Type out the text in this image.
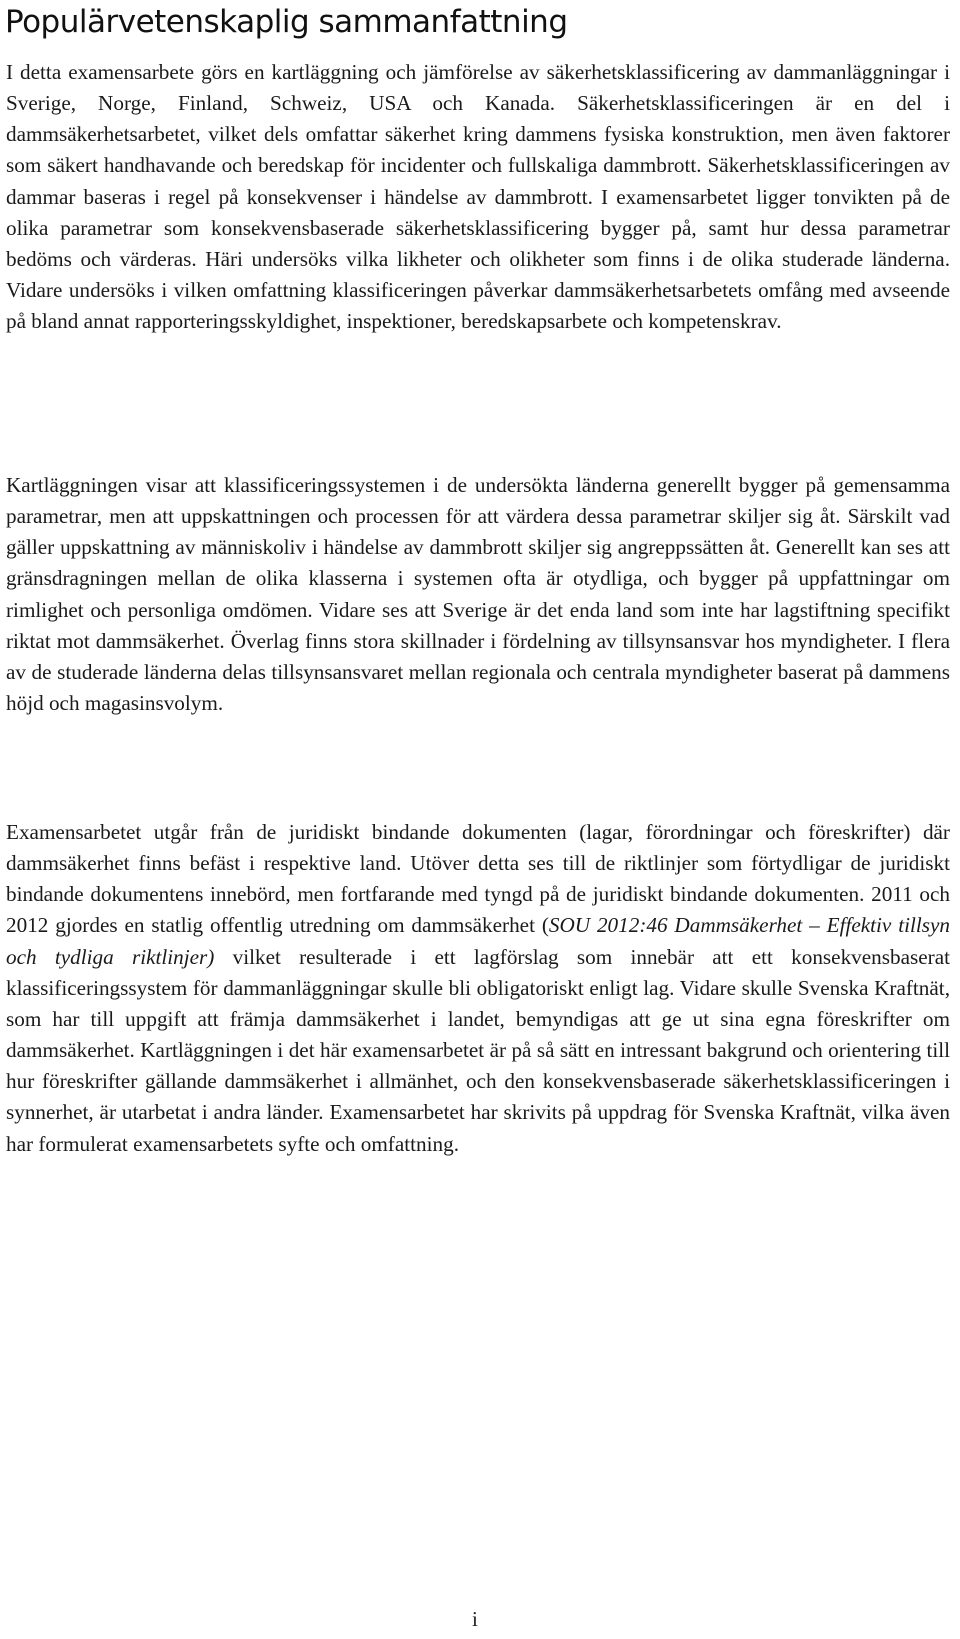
Populärvetenskaplig sammanfattning

I detta examensarbete görs en kartläggning och jämförelse av säkerhetsklassificering av dammanläggningar i Sverige, Norge, Finland, Schweiz, USA och Kanada. Säkerhetsklassificeringen är en del i dammsäkerhetsarbetet, vilket dels omfattar säkerhet kring dammens fysiska konstruktion, men även faktorer som säkert handhavande och beredskap för incidenter och fullskaliga dammbrott. Säkerhetsklassificeringen av dammar baseras i regel på konsekvenser i händelse av dammbrott. I examensarbetet ligger tonvikten på de olika parametrar som konsekvensbaserade säkerhetsklassificering bygger på, samt hur dessa parametrar bedöms och värderas. Häri undersöks vilka likheter och olikheter som finns i de olika studerade länderna. Vidare undersöks i vilken omfattning klassificeringen påverkar dammsäkerhetsarbetets omfång med avseende på bland annat rapporteringsskyldighet, inspektioner, beredskapsarbete och kompetenskrav.

Kartläggningen visar att klassificeringssystemen i de undersökta länderna generellt bygger på gemensamma parametrar, men att uppskattningen och processen för att värdera dessa parametrar skiljer sig åt. Särskilt vad gäller uppskattning av människoliv i händelse av dammbrott skiljer sig angreppssätten åt. Generellt kan ses att gränsdragningen mellan de olika klasserna i systemen ofta är otydliga, och bygger på uppfattningar om rimlighet och personliga omdömen. Vidare ses att Sverige är det enda land som inte har lagstiftning specifikt riktat mot dammsäkerhet. Överlag finns stora skillnader i fördelning av tillsynsansvar hos myndigheter. I flera av de studerade länderna delas tillsynsansvaret mellan regionala och centrala myndigheter baserat på dammens höjd och magasinsvolym.

Examensarbetet utgår från de juridiskt bindande dokumenten (lagar, förordningar och föreskrifter) där dammsäkerhet finns befäst i respektive land. Utöver detta ses till de riktlinjer som förtydligar de juridiskt bindande dokumentens innebörd, men fortfarande med tyngd på de juridiskt bindande dokumenten. 2011 och 2012 gjordes en statlig offentlig utredning om dammsäkerhet (SOU 2012:46 Dammsäkerhet – Effektiv tillsyn och tydliga riktlinjer) vilket resulterade i ett lagförslag som innebär att ett konsekvensbaserat klassificeringssystem för dammanläggningar skulle bli obligatoriskt enligt lag. Vidare skulle Svenska Kraftnät, som har till uppgift att främja dammsäkerhet i landet, bemyndigas att ge ut sina egna föreskrifter om dammsäkerhet. Kartläggningen i det här examensarbetet är på så sätt en intressant bakgrund och orientering till hur föreskrifter gällande dammsäkerhet i allmänhet, och den konsekvensbaserade säkerhetsklassificeringen i synnerhet, är utarbetat i andra länder. Examensarbetet har skrivits på uppdrag för Svenska Kraftnät, vilka även har formulerat examensarbetets syfte och omfattning.

i
